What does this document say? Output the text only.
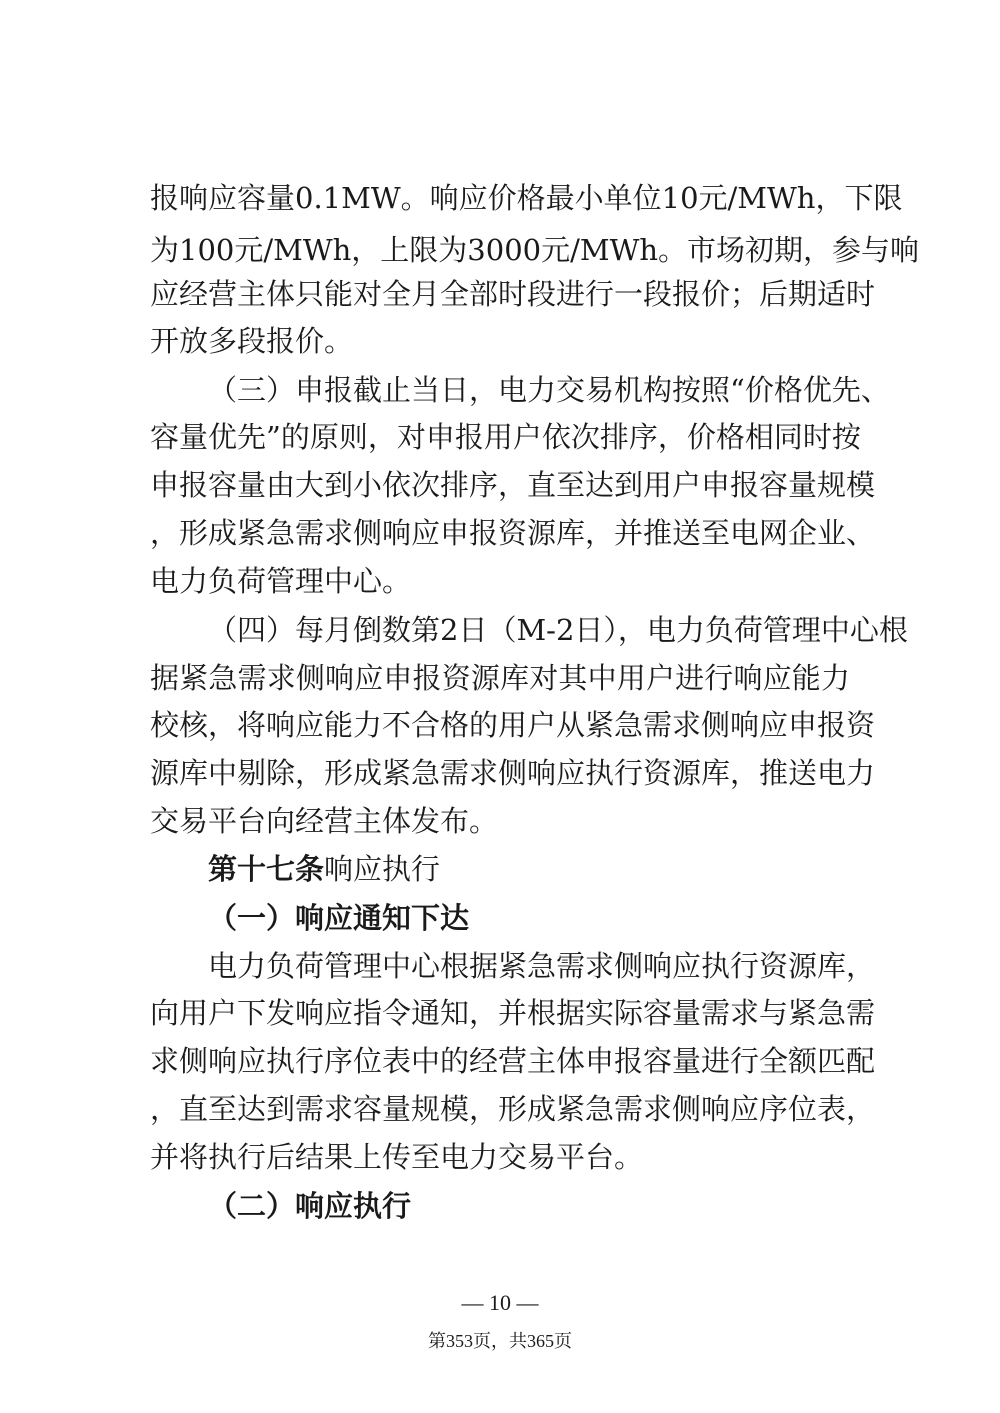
报响应容量0.1MW。响应价格最小单位10元/MWh，下限
为100元/MWh，上限为3000元/MWh。市场初期，参与响
应经营主体只能对全月全部时段进行一段报价；后期适时
开放多段报价。
（三）申报截止当日，电力交易机构按照“价格优先、
容量优先”的原则，对申报用户依次排序，价格相同时按
申报容量由大到小依次排序，直至达到用户申报容量规模
，形成紧急需求侧响应申报资源库，并推送至电网企业、
电力负荷管理中心。
（四）每月倒数第2日（M-2日），电力负荷管理中心根
据紧急需求侧响应申报资源库对其中用户进行响应能力
校核，将响应能力不合格的用户从紧急需求侧响应申报资
源库中剔除，形成紧急需求侧响应执行资源库，推送电力
交易平台向经营主体发布。
第十七条响应执行
（一）响应通知下达
电力负荷管理中心根据紧急需求侧响应执行资源库，
向用户下发响应指令通知，并根据实际容量需求与紧急需
求侧响应执行序位表中的经营主体申报容量进行全额匹配
，直至达到需求容量规模，形成紧急需求侧响应序位表，
并将执行后结果上传至电力交易平台。
（二）响应执行
— 10 —
第353页，共365页
